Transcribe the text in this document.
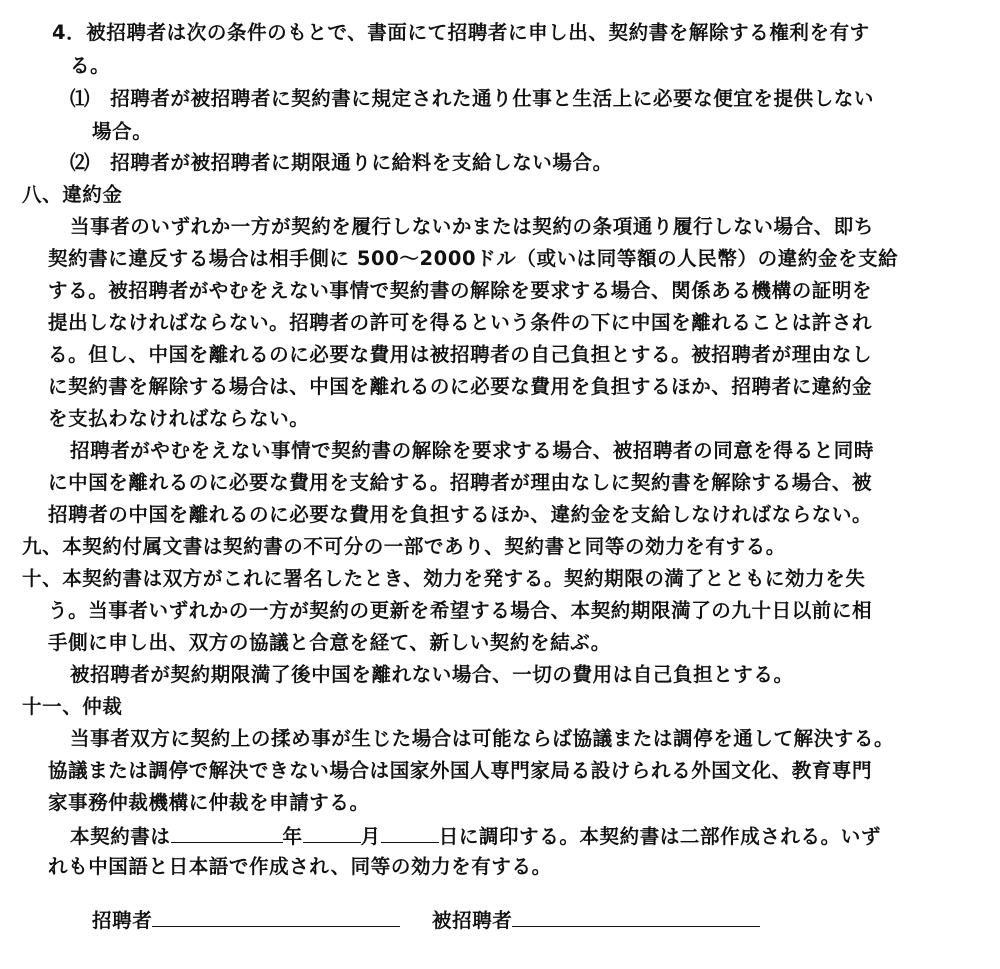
4．被招聘者は次の条件のもとで、書面にて招聘者に申し出、契約書を解除する権利を有す
る。
⑴　招聘者が被招聘者に契約書に規定された通り仕事と生活上に必要な便宜を提供しない
場合。
⑵　招聘者が被招聘者に期限通りに給料を支給しない場合。
八、違約金
当事者のいずれか一方が契約を履行しないかまたは契約の条項通り履行しない場合、即ち
契約書に違反する場合は相手側に 500～2000ドル（或いは同等額の人民幣）の違約金を支給
する。被招聘者がやむをえない事情で契約書の解除を要求する場合、関係ある機構の証明を
提出しなければならない。招聘者の許可を得るという条件の下に中国を離れることは許され
る。但し、中国を離れるのに必要な費用は被招聘者の自己負担とする。被招聘者が理由なし
に契約書を解除する場合は、中国を離れるのに必要な費用を負担するほか、招聘者に違約金
を支払わなければならない。
招聘者がやむをえない事情で契約書の解除を要求する場合、被招聘者の同意を得ると同時
に中国を離れるのに必要な費用を支給する。招聘者が理由なしに契約書を解除する場合、被
招聘者の中国を離れるのに必要な費用を負担するほか、違約金を支給しなければならない。
九、本契約付属文書は契約書の不可分の一部であり、契約書と同等の効力を有する。
十、本契約書は双方がこれに署名したとき、効力を発する。契約期限の満了とともに効力を失
う。当事者いずれかの一方が契約の更新を希望する場合、本契約期限満了の九十日以前に相
手側に申し出、双方の協議と合意を経て、新しい契約を結ぶ。
被招聘者が契約期限満了後中国を離れない場合、一切の費用は自己負担とする。
十一、仲裁
当事者双方に契約上の揉め事が生じた場合は可能ならば協議または調停を通して解決する。
協議または調停で解決できない場合は国家外国人専門家局る設けられる外国文化、教育専門
家事務仲裁機構に仲裁を申請する。
本契約書は	年	月	日に調印する。本契約書は二部作成される。いず
れも中国語と日本語で作成され、同等の効力を有する。
招聘者	被招聘者
